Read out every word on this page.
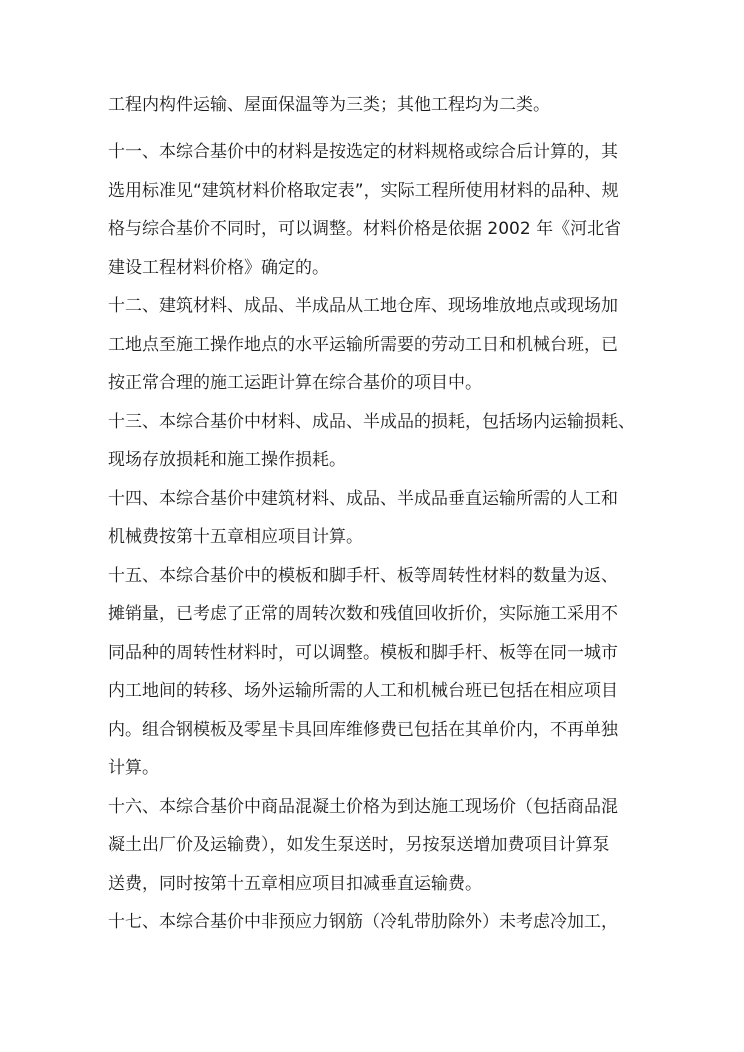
工程内构件运输、屋面保温等为三类；其他工程均为二类。

十一、本综合基价中的材料是按选定的材料规格或综合后计算的，其

选用标准见“建筑材料价格取定表”，实际工程所使用材料的品种、规

格与综合基价不同时，可以调整。材料价格是依据 2002 年《河北省

建设工程材料价格》确定的。

十二、建筑材料、成品、半成品从工地仓库、现场堆放地点或现场加

工地点至施工操作地点的水平运输所需要的劳动工日和机械台班，已

按正常合理的施工运距计算在综合基价的项目中。

十三、本综合基价中材料、成品、半成品的损耗，包括场内运输损耗、

现场存放损耗和施工操作损耗。

十四、本综合基价中建筑材料、成品、半成品垂直运输所需的人工和

机械费按第十五章相应项目计算。

十五、本综合基价中的模板和脚手杆、板等周转性材料的数量为返、

摊销量，已考虑了正常的周转次数和残值回收折价，实际施工采用不

同品种的周转性材料时，可以调整。模板和脚手杆、板等在同一城市

内工地间的转移、场外运输所需的人工和机械台班已包括在相应项目

内。组合钢模板及零星卡具回库维修费已包括在其单价内，不再单独

计算。

十六、本综合基价中商品混凝土价格为到达施工现场价（包括商品混

凝土出厂价及运输费），如发生泵送时，另按泵送增加费项目计算泵

送费，同时按第十五章相应项目扣减垂直运输费。

十七、本综合基价中非预应力钢筋（冷轧带肋除外）未考虑冷加工，
